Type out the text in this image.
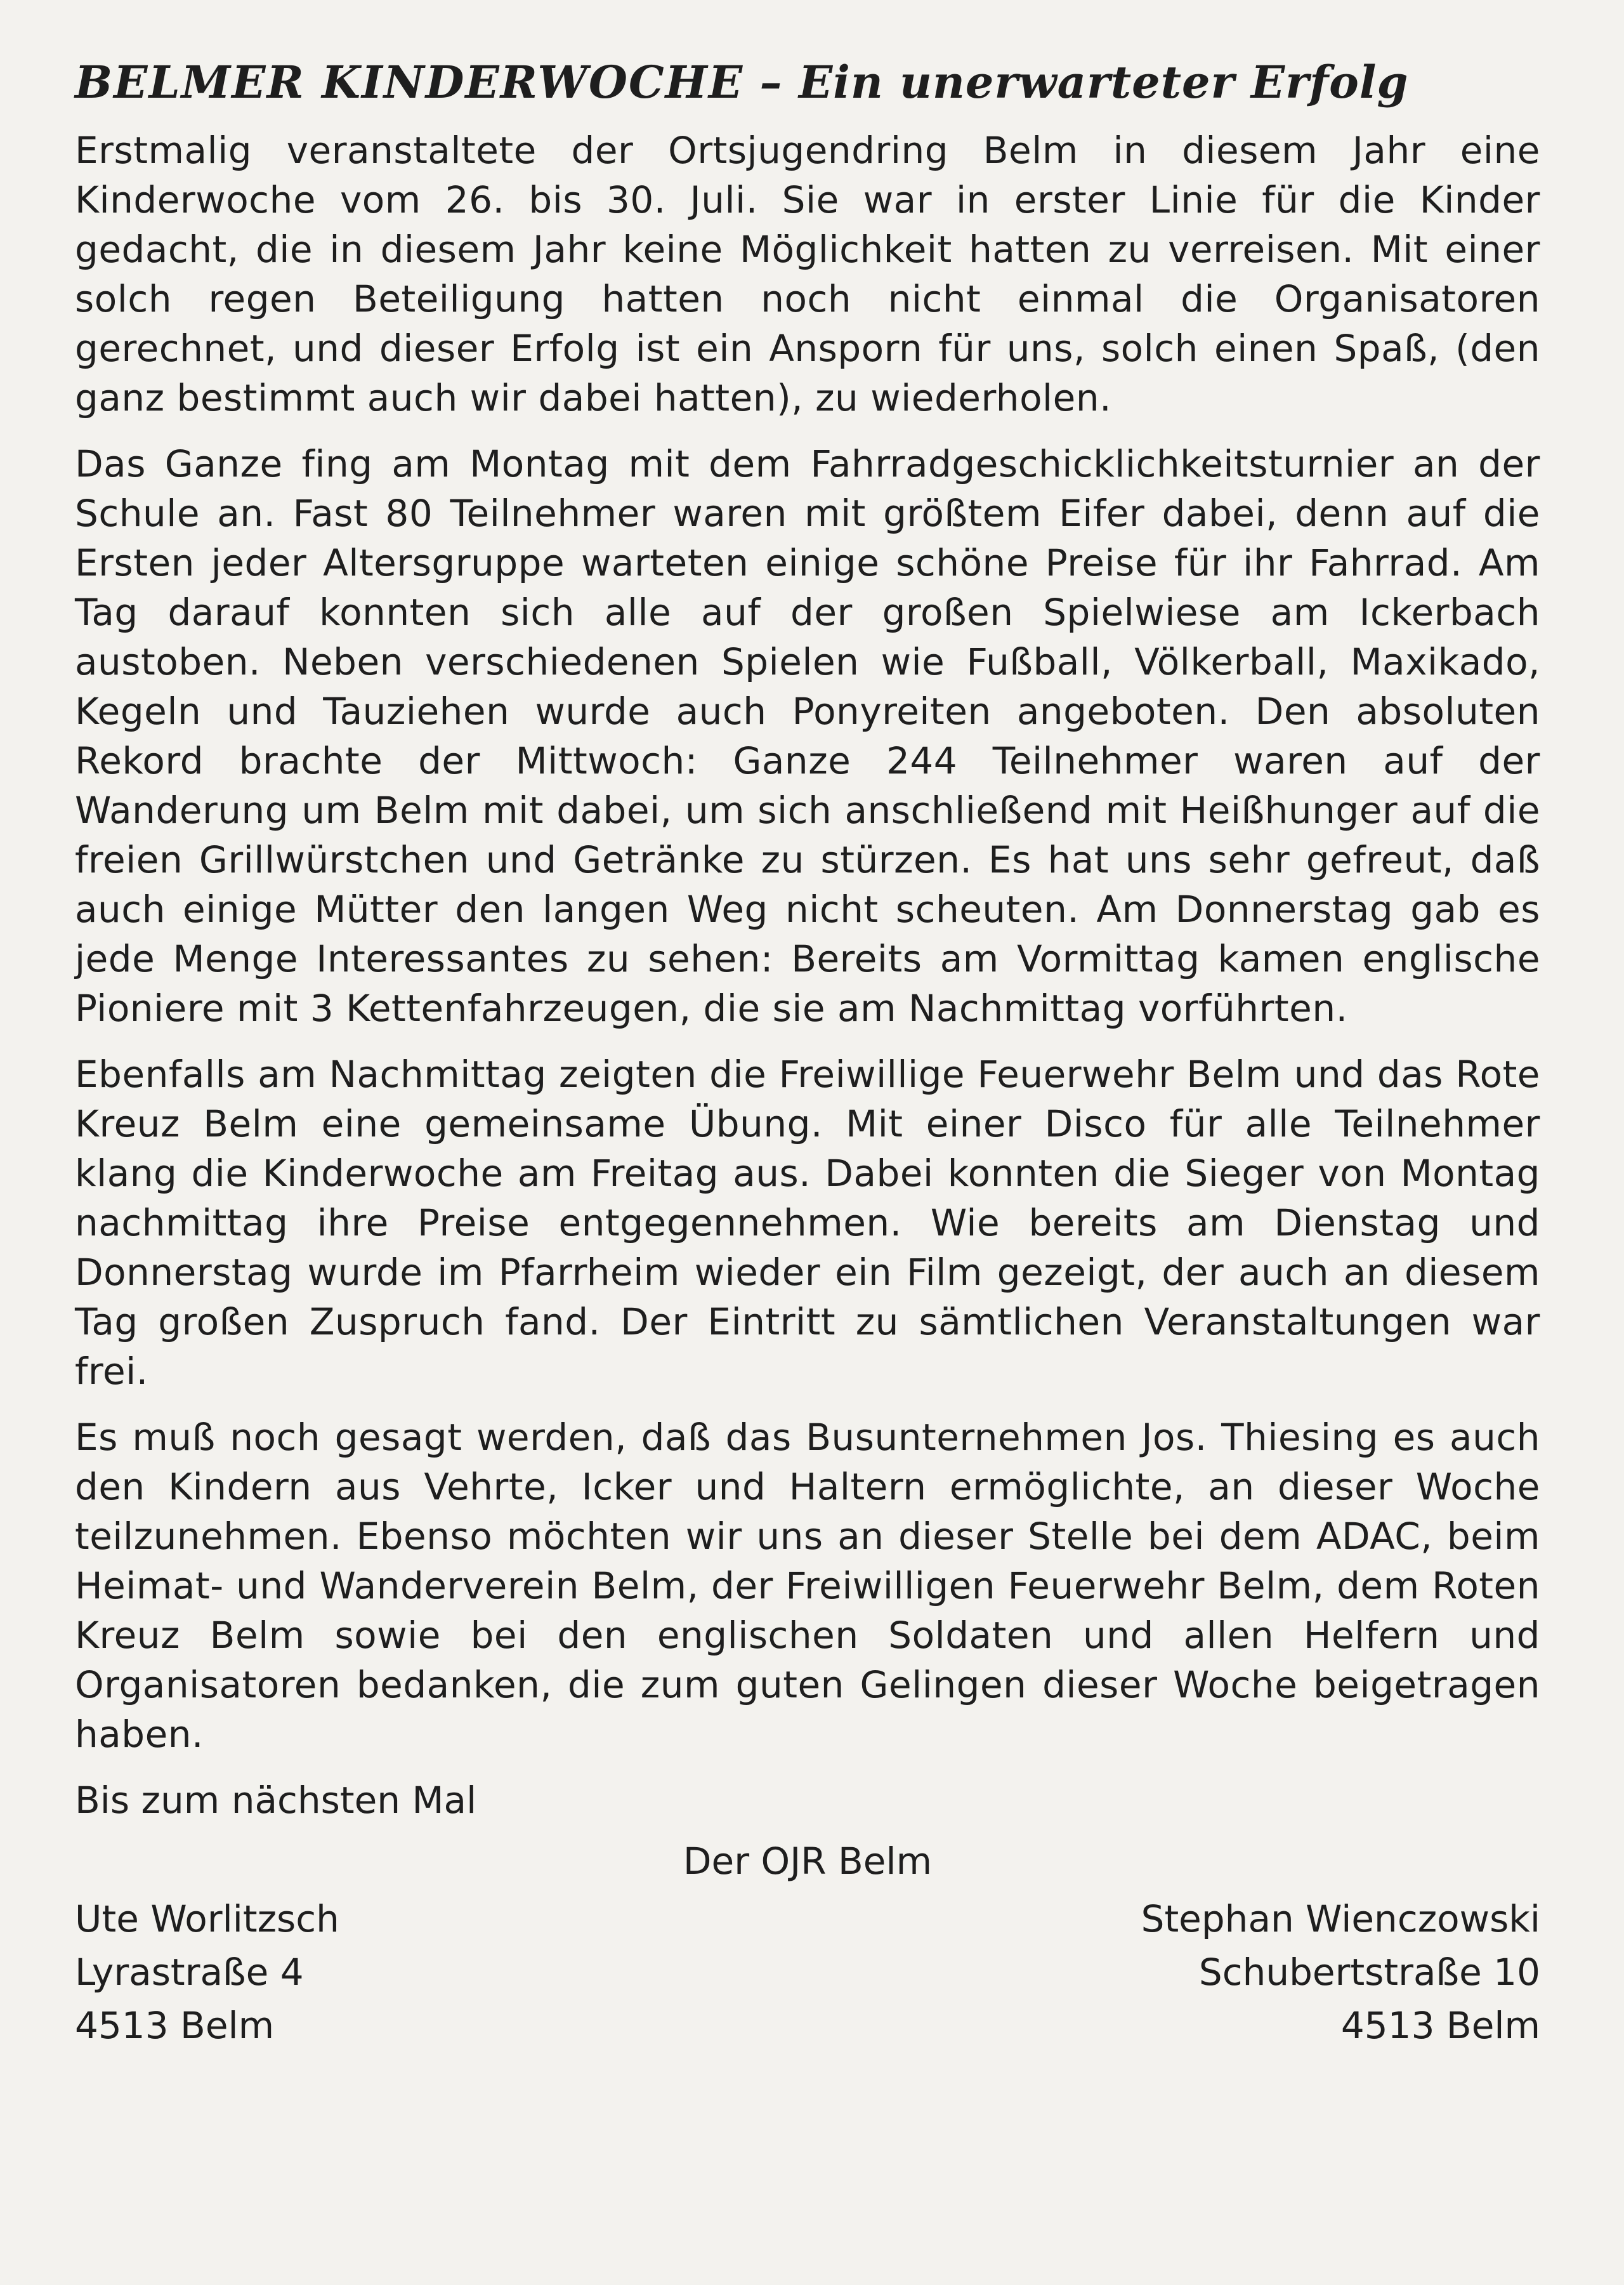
BELMER KINDERWOCHE – Ein unerwarteter Erfolg

Erstmalig veranstaltete der Ortsjugendring Belm in diesem Jahr eine Kinderwoche vom 26. bis 30. Juli. Sie war in erster Linie für die Kinder gedacht, die in diesem Jahr keine Möglichkeit hatten zu verreisen. Mit einer solch regen Beteiligung hatten noch nicht einmal die Organisatoren gerechnet, und dieser Erfolg ist ein Ansporn für uns, solch einen Spaß, (den ganz bestimmt auch wir dabei hatten), zu wiederholen.

Das Ganze fing am Montag mit dem Fahrradgeschicklichkeitsturnier an der Schule an. Fast 80 Teilnehmer waren mit größtem Eifer dabei, denn auf die Ersten jeder Altersgruppe warteten einige schöne Preise für ihr Fahrrad. Am Tag darauf konnten sich alle auf der großen Spielwiese am Ickerbach austoben. Neben verschiedenen Spielen wie Fußball, Völkerball, Maxikado, Kegeln und Tauziehen wurde auch Ponyreiten angeboten. Den absoluten Rekord brachte der Mittwoch: Ganze 244 Teilnehmer waren auf der Wanderung um Belm mit dabei, um sich anschließend mit Heißhunger auf die freien Grillwürstchen und Getränke zu stürzen. Es hat uns sehr gefreut, daß auch einige Mütter den langen Weg nicht scheuten. Am Donnerstag gab es jede Menge Interessantes zu sehen: Bereits am Vormittag kamen englische Pioniere mit 3 Kettenfahrzeugen, die sie am Nachmittag vorführten.

Ebenfalls am Nachmittag zeigten die Freiwillige Feuerwehr Belm und das Rote Kreuz Belm eine gemeinsame Übung. Mit einer Disco für alle Teilnehmer klang die Kinderwoche am Freitag aus. Dabei konnten die Sieger von Montag nachmittag ihre Preise entgegennehmen. Wie bereits am Dienstag und Donnerstag wurde im Pfarrheim wieder ein Film gezeigt, der auch an diesem Tag großen Zuspruch fand. Der Eintritt zu sämtlichen Veranstaltungen war frei.

Es muß noch gesagt werden, daß das Busunternehmen Jos. Thiesing es auch den Kindern aus Vehrte, Icker und Haltern ermöglichte, an dieser Woche teilzunehmen. Ebenso möchten wir uns an dieser Stelle bei dem ADAC, beim Heimat- und Wanderverein Belm, der Freiwilligen Feuerwehr Belm, dem Roten Kreuz Belm sowie bei den englischen Soldaten und allen Helfern und Organisatoren bedanken, die zum guten Gelingen dieser Woche beigetragen haben.

Bis zum nächsten Mal

Der OJR Belm
Ute Worlitzsch
Lyrastraße 4
4513 Belm
Stephan Wienczowski
Schubertstraße 10
4513 Belm
